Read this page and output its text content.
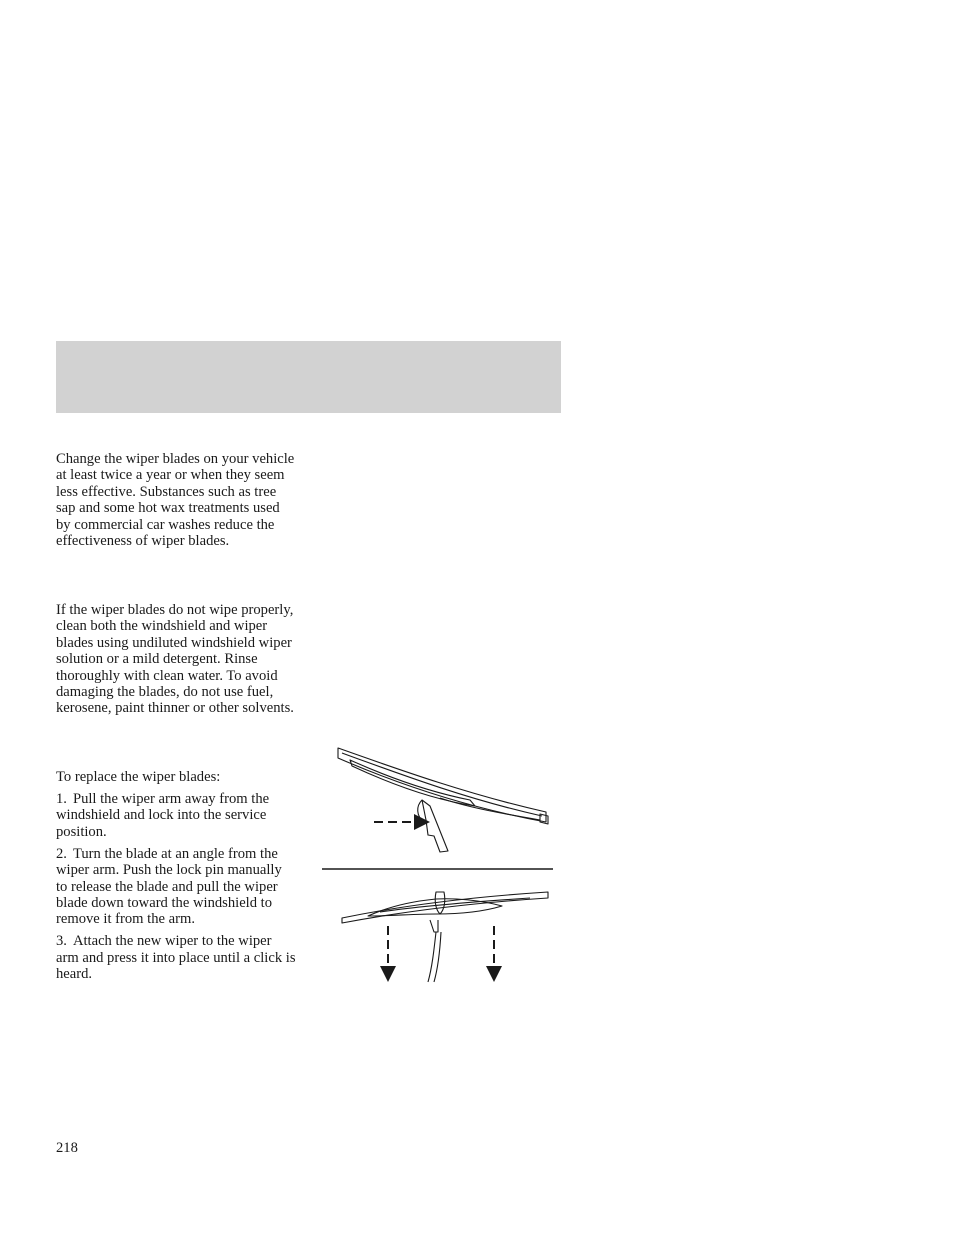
Change the wiper blades on your vehicle at least twice a year or when they seem less effective. Substances such as tree sap and some hot wax treatments used by commercial car washes reduce the effectiveness of wiper blades.

If the wiper blades do not wipe properly, clean both the windshield and wiper blades using undiluted windshield wiper solution or a mild detergent. Rinse thoroughly with clean water. To avoid damaging the blades, do not use fuel, kerosene, paint thinner or other solvents.

To replace the wiper blades:

1. Pull the wiper arm away from the windshield and lock into the service position.
2. Turn the blade at an angle from the wiper arm. Push the lock pin manually to release the blade and pull the wiper blade down toward the windshield to remove it from the arm.
3. Attach the new wiper to the wiper arm and press it into place until a click is heard.
218
